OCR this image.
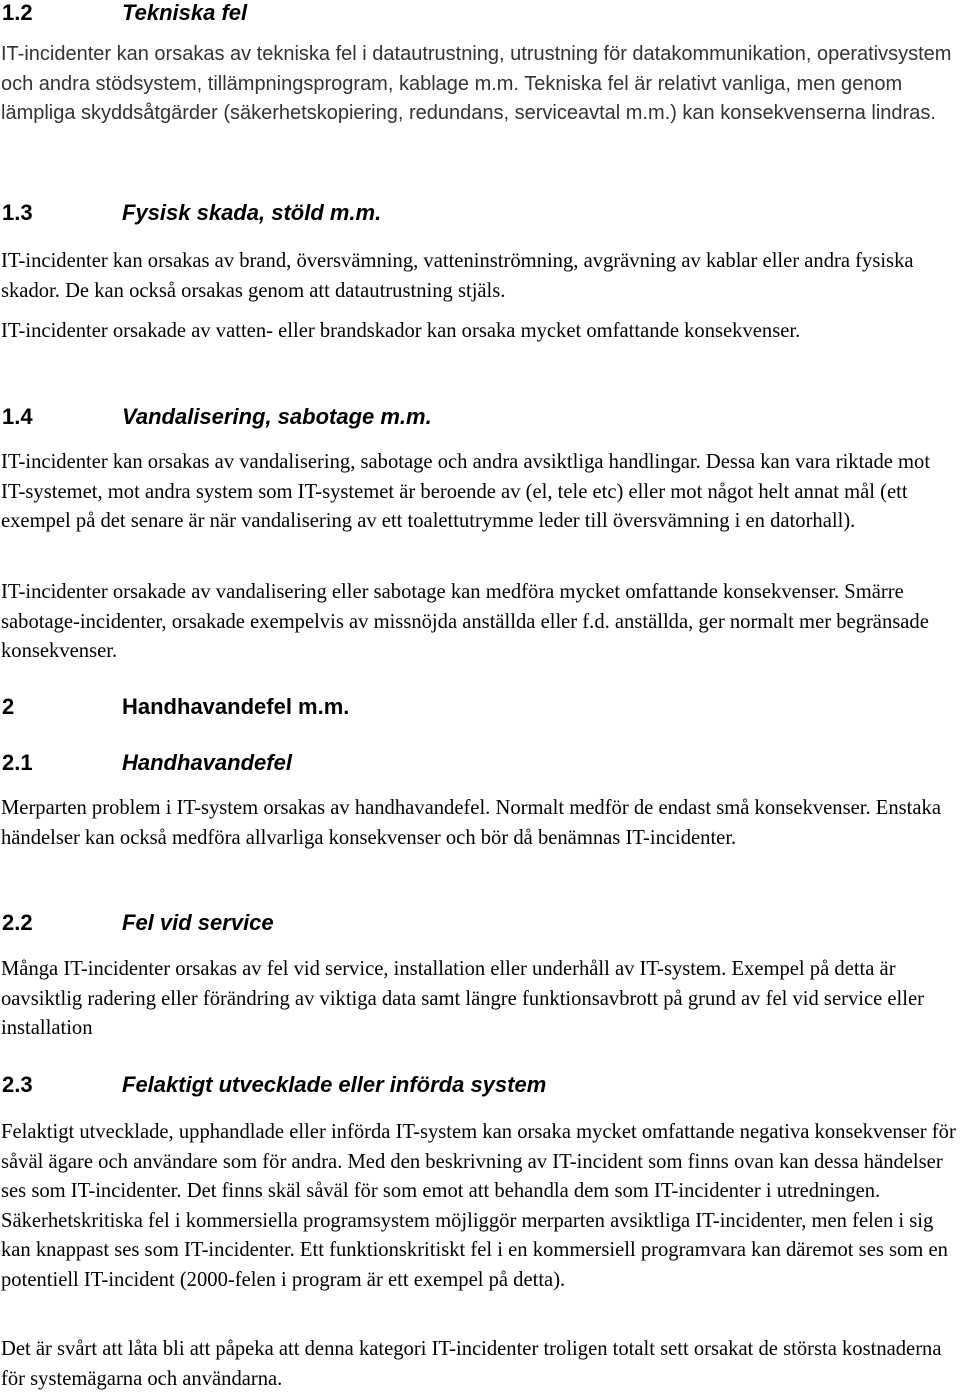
1.2	Tekniska fel

IT-incidenter kan orsakas av tekniska fel i datautrustning, utrustning för datakommunikation, operativsystem och andra stödsystem, tillämpningsprogram, kablage m.m. Tekniska fel är relativt vanliga, men genom lämpliga skyddsåtgärder (säkerhetskopiering, redundans, serviceavtal m.m.) kan konsekvenserna lindras.

1.3	Fysisk skada, stöld m.m.

IT-incidenter kan orsakas av brand, översvämning, vatteninströmning, avgrävning av kablar eller andra fysiska skador. De kan också orsakas genom att datautrustning stjäls.

IT-incidenter orsakade av vatten- eller brandskador kan orsaka mycket omfattande konsekvenser.

1.4	Vandalisering, sabotage m.m.

IT-incidenter kan orsakas av vandalisering, sabotage och andra avsiktliga handlingar. Dessa kan vara riktade mot IT-systemet, mot andra system som IT-systemet är beroende av (el, tele etc) eller mot något helt annat mål (ett exempel på det senare är när vandalisering av ett toalettutrymme leder till översvämning i en datorhall).

IT-incidenter orsakade av vandalisering eller sabotage kan medföra mycket omfattande konsekvenser. Smärre sabotage-incidenter, orsakade exempelvis av missnöjda anställda eller f.d. anställda, ger normalt mer begränsade konsekvenser.

2	Handhavandefel m.m.
2.1	Handhavandefel

Merparten problem i IT-system orsakas av handhavandefel. Normalt medför de endast små konsekvenser. Enstaka händelser kan också medföra allvarliga konsekvenser och bör då benämnas IT-incidenter.

2.2	Fel vid service

Många IT-incidenter orsakas av fel vid service, installation eller underhåll av IT-system. Exempel på detta är oavsiktlig radering eller förändring av viktiga data samt längre funktionsavbrott på grund av fel vid service eller installation

2.3	Felaktigt utvecklade eller införda system

Felaktigt utvecklade, upphandlade eller införda IT-system kan orsaka mycket omfattande negativa konsekvenser för såväl ägare och användare som för andra. Med den beskrivning av IT-incident som finns ovan kan dessa händelser ses som IT-incidenter. Det finns skäl såväl för som emot att behandla dem som IT-incidenter i utredningen. Säkerhetskritiska fel i kommersiella programsystem möjliggör merparten avsiktliga IT-incidenter, men felen i sig kan knappast ses som IT-incidenter. Ett funktionskritiskt fel i en kommersiell programvara kan däremot ses som en potentiell IT-incident (2000-felen i program är ett exempel på detta).

Det är svårt att låta bli att påpeka att denna kategori IT-incidenter troligen totalt sett orsakat de största kostnaderna för systemägarna och användarna.
